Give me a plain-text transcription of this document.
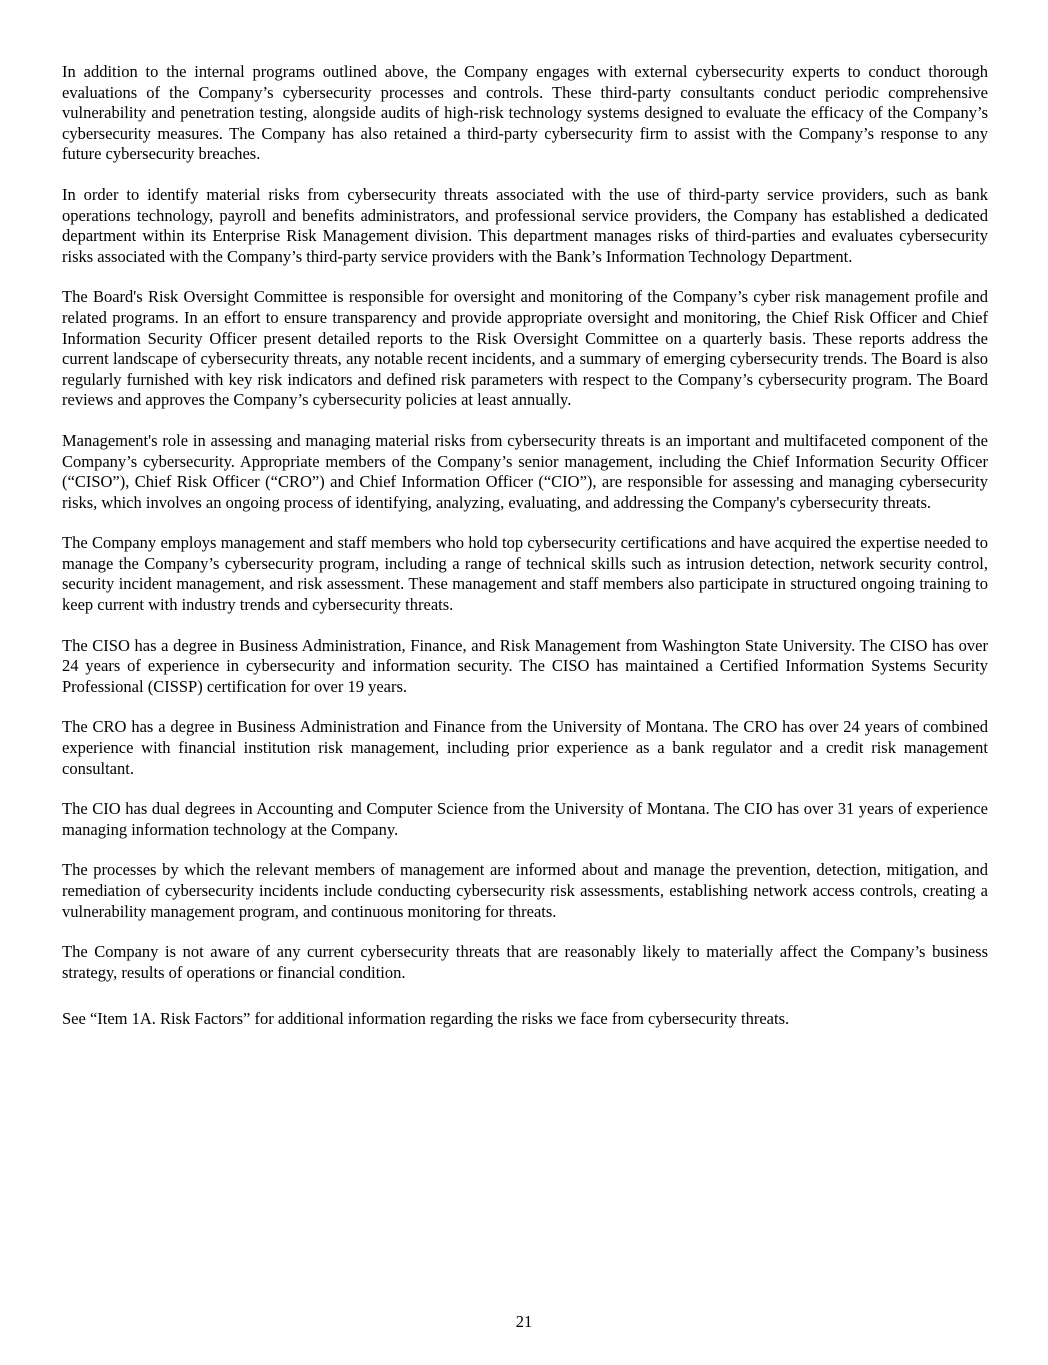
In addition to the internal programs outlined above, the Company engages with external cybersecurity experts to conduct thorough evaluations of the Company’s cybersecurity processes and controls. These third-party consultants conduct periodic comprehensive vulnerability and penetration testing, alongside audits of high-risk technology systems designed to evaluate the efficacy of the Company’s cybersecurity measures. The Company has also retained a third-party cybersecurity firm to assist with the Company’s response to any future cybersecurity breaches.

In order to identify material risks from cybersecurity threats associated with the use of third-party service providers, such as bank operations technology, payroll and benefits administrators, and professional service providers, the Company has established a dedicated department within its Enterprise Risk Management division. This department manages risks of third-parties and evaluates cybersecurity risks associated with the Company’s third-party service providers with the Bank’s Information Technology Department.

The Board's Risk Oversight Committee is responsible for oversight and monitoring of the Company’s cyber risk management profile and related programs. In an effort to ensure transparency and provide appropriate oversight and monitoring, the Chief Risk Officer and Chief Information Security Officer present detailed reports to the Risk Oversight Committee on a quarterly basis. These reports address the current landscape of cybersecurity threats, any notable recent incidents, and a summary of emerging cybersecurity trends. The Board is also regularly furnished with key risk indicators and defined risk parameters with respect to the Company’s cybersecurity program. The Board reviews and approves the Company’s cybersecurity policies at least annually.

Management's role in assessing and managing material risks from cybersecurity threats is an important and multifaceted component of the Company’s cybersecurity. Appropriate members of the Company’s senior management, including the Chief Information Security Officer (“CISO”), Chief Risk Officer (“CRO”) and Chief Information Officer (“CIO”), are responsible for assessing and managing cybersecurity risks, which involves an ongoing process of identifying, analyzing, evaluating, and addressing the Company's cybersecurity threats.

The Company employs management and staff members who hold top cybersecurity certifications and have acquired the expertise needed to manage the Company’s cybersecurity program, including a range of technical skills such as intrusion detection, network security control, security incident management, and risk assessment. These management and staff members also participate in structured ongoing training to keep current with industry trends and cybersecurity threats.

The CISO has a degree in Business Administration, Finance, and Risk Management from Washington State University. The CISO has over 24 years of experience in cybersecurity and information security. The CISO has maintained a Certified Information Systems Security Professional (CISSP) certification for over 19 years.

The CRO has a degree in Business Administration and Finance from the University of Montana. The CRO has over 24 years of combined experience with financial institution risk management, including prior experience as a bank regulator and a credit risk management consultant.

The CIO has dual degrees in Accounting and Computer Science from the University of Montana. The CIO has over 31 years of experience managing information technology at the Company.

The processes by which the relevant members of management are informed about and manage the prevention, detection, mitigation, and remediation of cybersecurity incidents include conducting cybersecurity risk assessments, establishing network access controls, creating a vulnerability management program, and continuous monitoring for threats.

The Company is not aware of any current cybersecurity threats that are reasonably likely to materially affect the Company’s business strategy, results of operations or financial condition.

See “Item 1A. Risk Factors” for additional information regarding the risks we face from cybersecurity threats.

21
